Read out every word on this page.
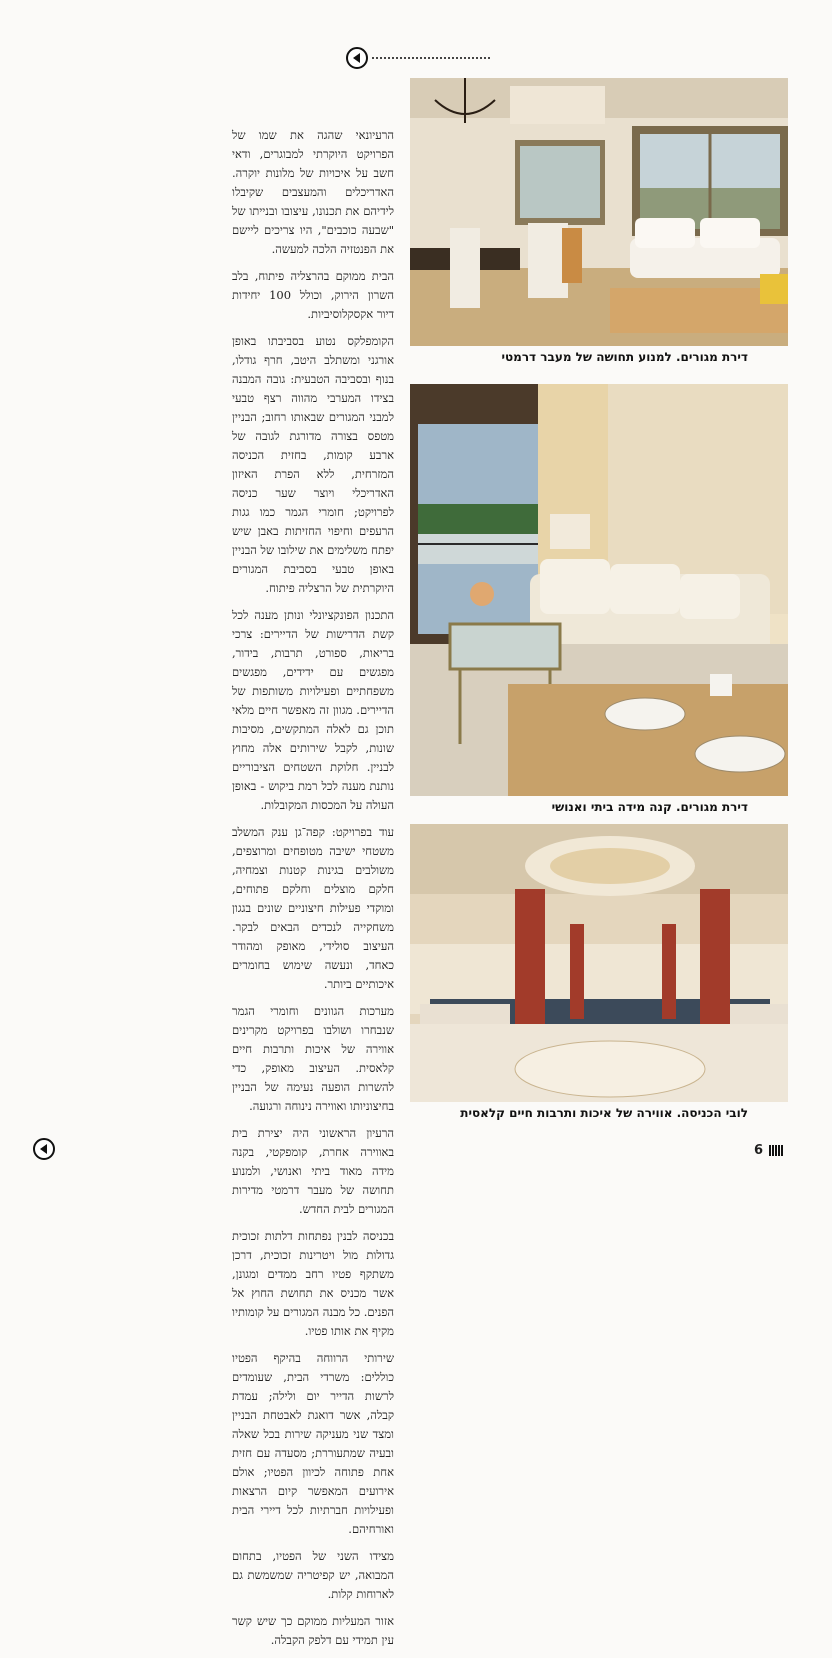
הרעיונאי שהגה את שמו של הפרויקט היוקרתי למבוגרים, ודאי חשב על איכויות של מלונות יוקרה. האדריכלים והמעצבים שקיבלו לידיהם את תכנונו, עיצובו ובנייתו של "שבעה כוכבים", היו צריכים ליישם את הפנטזיה הלכה למעשה.

הבית ממוקם בהרצליה פיתוח, בלב השרון הירוק, וכולל 100 יחידות דיור אקסקלוסיביות.

הקומפלקס נטוע בסביבתו באופן אורגני ומשתלב היטב, חרף גודלו, בנוף ובסביבה הטבעית: גובה המבנה בצידו המערבי מהווה רצף טבעי למבני המגורים שבאותו רחוב; הבניין מטפס בצורה מדורגת לגובה של ארבע קומות, בחזית הכניסה המזרחית, ללא הפרת האיזון האדריכלי ויוצר שער כניסה לפרויקט; חומרי הגמר כמו גגות הרעפים וחיפוי החזיתות באבן שיש יפתח משלימים את שילובו של הבניין באופן טבעי בסביבת המגורים היוקרתית של הרצליה פיתוח.

התכנון הפונקציונלי ונותן מענה לכל קשת הדרישות של הדיירים: צרכי בריאות, ספורט, תרבות, בידור, מפגשים עם ידידים, מפגשים משפחתיים ופעילויות משותפות של הדיירים. מגוון זה מאפשר חיים מלאי תוכן גם לאלה המתקשים, מסיבות שונות, לקבל שירותים אלה מחוץ לבניין. חלוקת השטחים הציבוריים נותנת מענה לכל רמת ביקוש - באופן העולה על המכסות המקובלות.

עוד בפרויקט: קפה־גן ענק המשלב משטחי ישיבה מטופחים ומרוצפים, משולבים בגינות קטנות וצמחיה, חלקם מוצלים וחלקם פתוחים, ומוקדי פעילות חיצוניים שונים בגגון משחקייה לנכדים הבאים לבקר. העיצוב סולידי, מאופק ומהודר כאחד, ונעשה שימוש בחומרים איכותיים ביותר.

מערכות הגוונים וחומרי הגמר שנבחרו ושולבו בפרויקט מקרינים אווירה של איכות ותרבות חיים קלאסית. העיצוב מאופק, כדי להשרות הופעה נעימה של הבניין בחיצוניותו ואווירה נינוחה ורגועה.

הרעיון הראשוני היה יצירת בית באווירה אחרת, קומפקטי, בקנה מידה מאוד ביתי ואנושי, ולמנוע תחושה של מעבר דרמטי מדירות המגורים לבית החדש.

בכניסה לבנין נפתחות דלתות זכוכית גדולות מול ויטרינות זכוכית, דרכן משתקף פטיו רחב ממדים ומגונן, אשר מכניס את תחושת החוץ אל הפנים. כל מבנה המגורים על קומותיו מקיף את אותו פטיו.

שירותי הרווחה בהיקף הפטיו כוללים: משרדי הבית, שעומדים לרשות הדייר יום ולילה; עמדת קבלה, אשר דואגת לאבטחת הבניין ומצד שני מעניקה שירות בכל שאלה ובעיה שמתעוררת; מסעדה עם חזית אחת פתוחה לכיוון הפטיו; אולם אירועים המאפשר קיום הרצאות ופעילויות חברתיות לכל דיירי הבית ואורחיהם.

מצידו השני של הפטיו, בתחום המבואה, יש קפיטריה שמשמשת גם לארוחות קלות.

אזור המעליות ממוקם כך שיש קשר עין תמידי עם דלפק הקבלה.

דירת מגורים. למנוע תחושה של מעבר דרמטי
דירת מגורים. קנה מידה ביתי ואנושי
לובי הכניסה. אווירה של איכות ותרבות חיים קלאסית
6
